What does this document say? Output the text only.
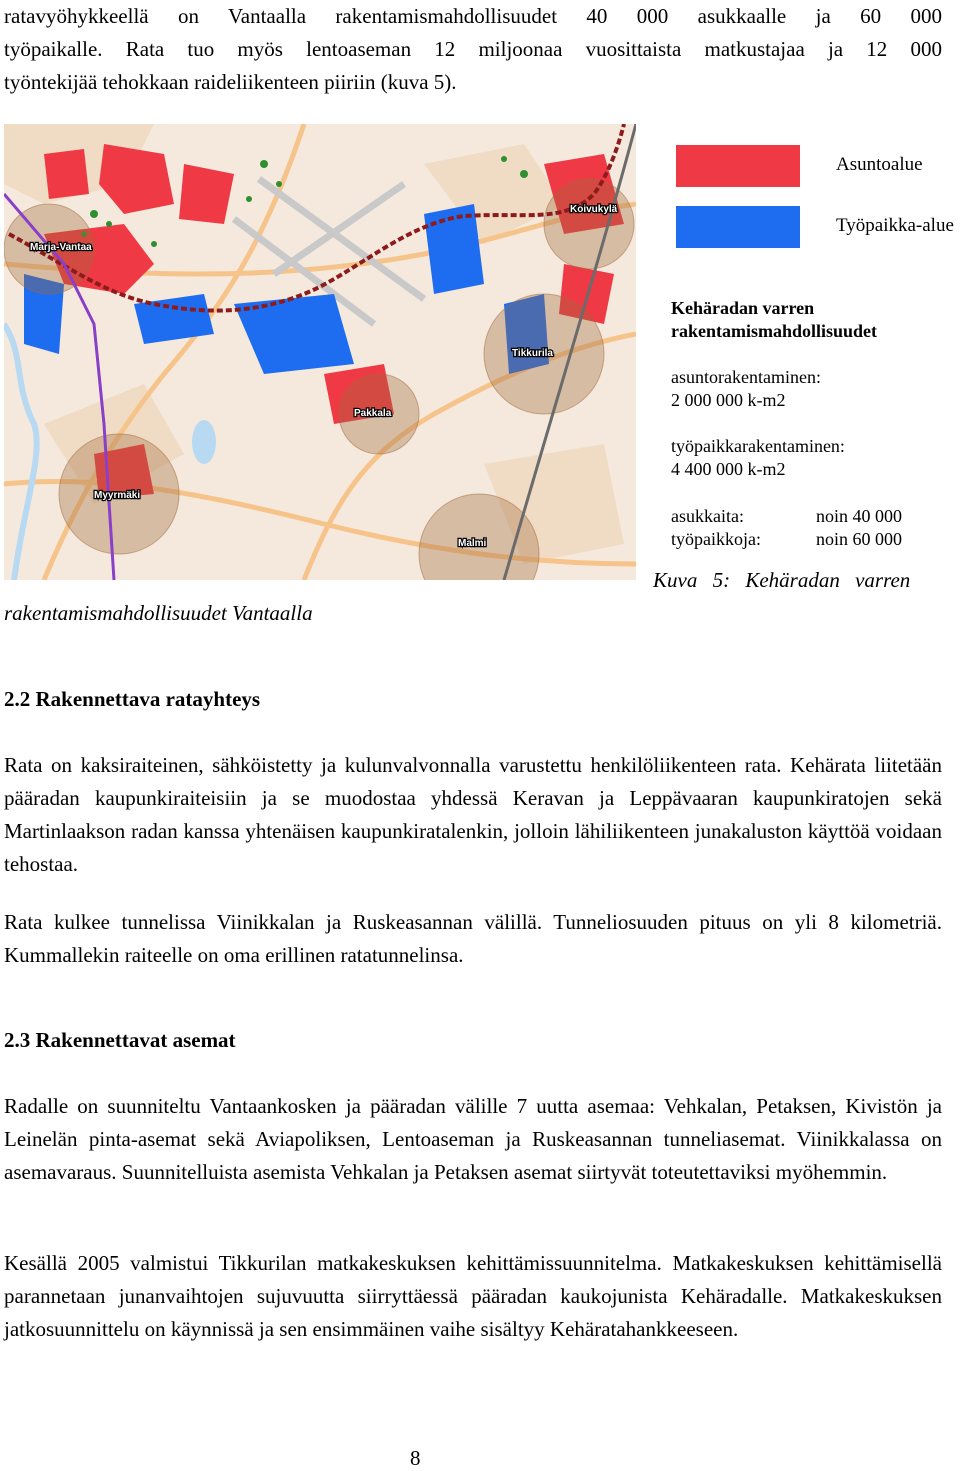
ratavyöhykkeellä on Vantaalla rakentamismahdollisuudet 40 000 asukkaalle ja 60 000

työpaikalle. Rata tuo myös lentoaseman 12 miljoonaa vuosittaista matkustajaa ja 12 000

työntekijää tehokkaan raideliikenteen piiriin (kuva 5).

Marja-Vantaa
Koivukylä
Tikkurila
Pakkala
Myyrmäki
Malmi
Asuntoalue
Työpaikka-alue
Kehäradan varren
rakentamismahdollisuudet
asuntorakentaminen:
2 000 000 k-m2
työpaikkarakentaminen:
4 400 000 k-m2
asukkaita:	noin 40 000
työpaikkoja:	noin 60 000
Kuva 5: Kehäradan varren
rakentamismahdollisuudet Vantaalla
2.2 Rakennettava ratayhteys

Rata on kaksiraiteinen, sähköistetty ja kulunvalvonnalla varustettu henkilöliikenteen rata. Kehärata liitetään pääradan kaupunkiraiteisiin ja se muodostaa yhdessä Keravan ja Leppävaaran kaupunkiratojen sekä Martinlaakson radan kanssa yhtenäisen kaupunkiratalenkin, jolloin lähiliikenteen junakaluston käyttöä voidaan tehostaa.

Rata kulkee tunnelissa Viinikkalan ja Ruskeasannan välillä. Tunneliosuuden pituus on yli 8 kilometriä. Kummallekin raiteelle on oma erillinen ratatunnelinsa.

2.3 Rakennettavat asemat

Radalle on suunniteltu Vantaankosken ja pääradan välille 7 uutta asemaa: Vehkalan, Petaksen, Kivistön ja Leinelän pinta-asemat sekä Aviapoliksen, Lentoaseman ja Ruskeasannan tunneliasemat. Viinikkalassa on asemavaraus. Suunnitelluista asemista Vehkalan ja Petaksen asemat siirtyvät toteutettaviksi myöhemmin.

Kesällä 2005 valmistui Tikkurilan matkakeskuksen kehittämissuunnitelma. Matkakeskuksen kehittämisellä parannetaan junanvaihtojen sujuvuutta siirryttäessä pääradan kaukojunista Kehäradalle. Matkakeskuksen jatkosuunnittelu on käynnissä ja sen ensimmäinen vaihe sisältyy Kehäratahankkeeseen.

8
